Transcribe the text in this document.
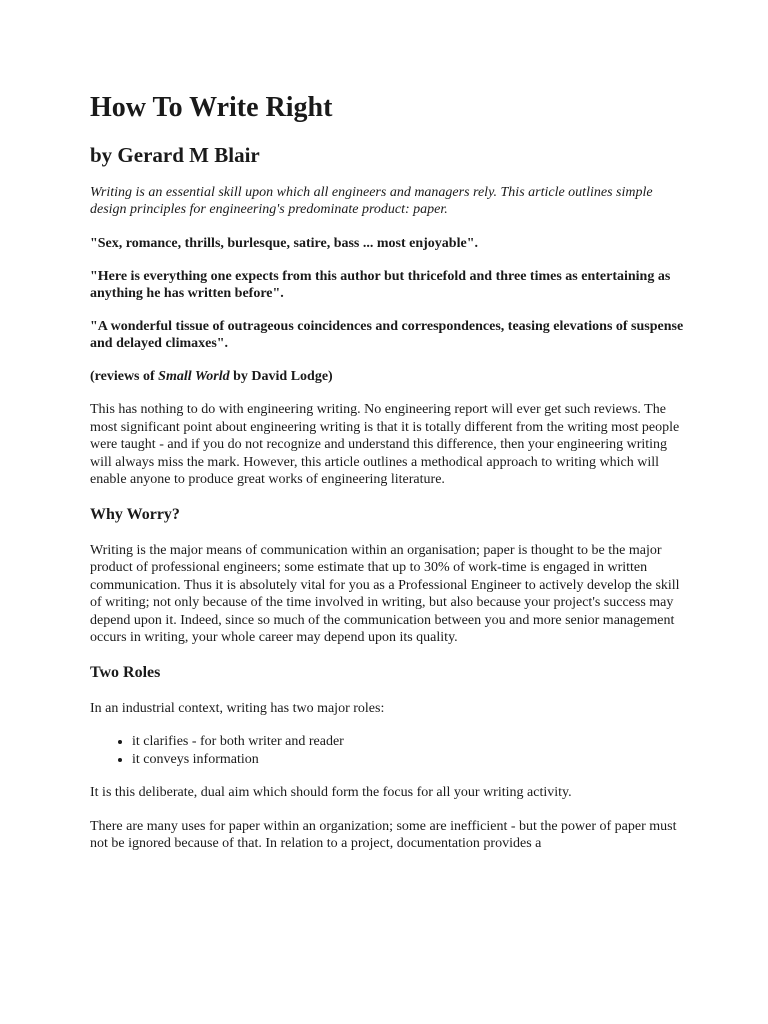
How To Write Right
by Gerard M Blair

Writing is an essential skill upon which all engineers and managers rely. This article outlines simple design principles for engineering's predominate product: paper.

"Sex, romance, thrills, burlesque, satire, bass ... most enjoyable".

"Here is everything one expects from this author but thricefold and three times as entertaining as anything he has written before".

"A wonderful tissue of outrageous coincidences and correspondences, teasing elevations of suspense and delayed climaxes".

(reviews of Small World by David Lodge)

This has nothing to do with engineering writing. No engineering report will ever get such reviews. The most significant point about engineering writing is that it is totally different from the writing most people were taught - and if you do not recognize and understand this difference, then your engineering writing will always miss the mark. However, this article outlines a methodical approach to writing which will enable anyone to produce great works of engineering literature.

Why Worry?

Writing is the major means of communication within an organisation; paper is thought to be the major product of professional engineers; some estimate that up to 30% of work-time is engaged in written communication. Thus it is absolutely vital for you as a Professional Engineer to actively develop the skill of writing; not only because of the time involved in writing, but also because your project's success may depend upon it. Indeed, since so much of the communication between you and more senior management occurs in writing, your whole career may depend upon its quality.

Two Roles

In an industrial context, writing has two major roles:

• it clarifies - for both writer and reader
• it conveys information

It is this deliberate, dual aim which should form the focus for all your writing activity.

There are many uses for paper within an organization; some are inefficient - but the power of paper must not be ignored because of that. In relation to a project, documentation provides a
